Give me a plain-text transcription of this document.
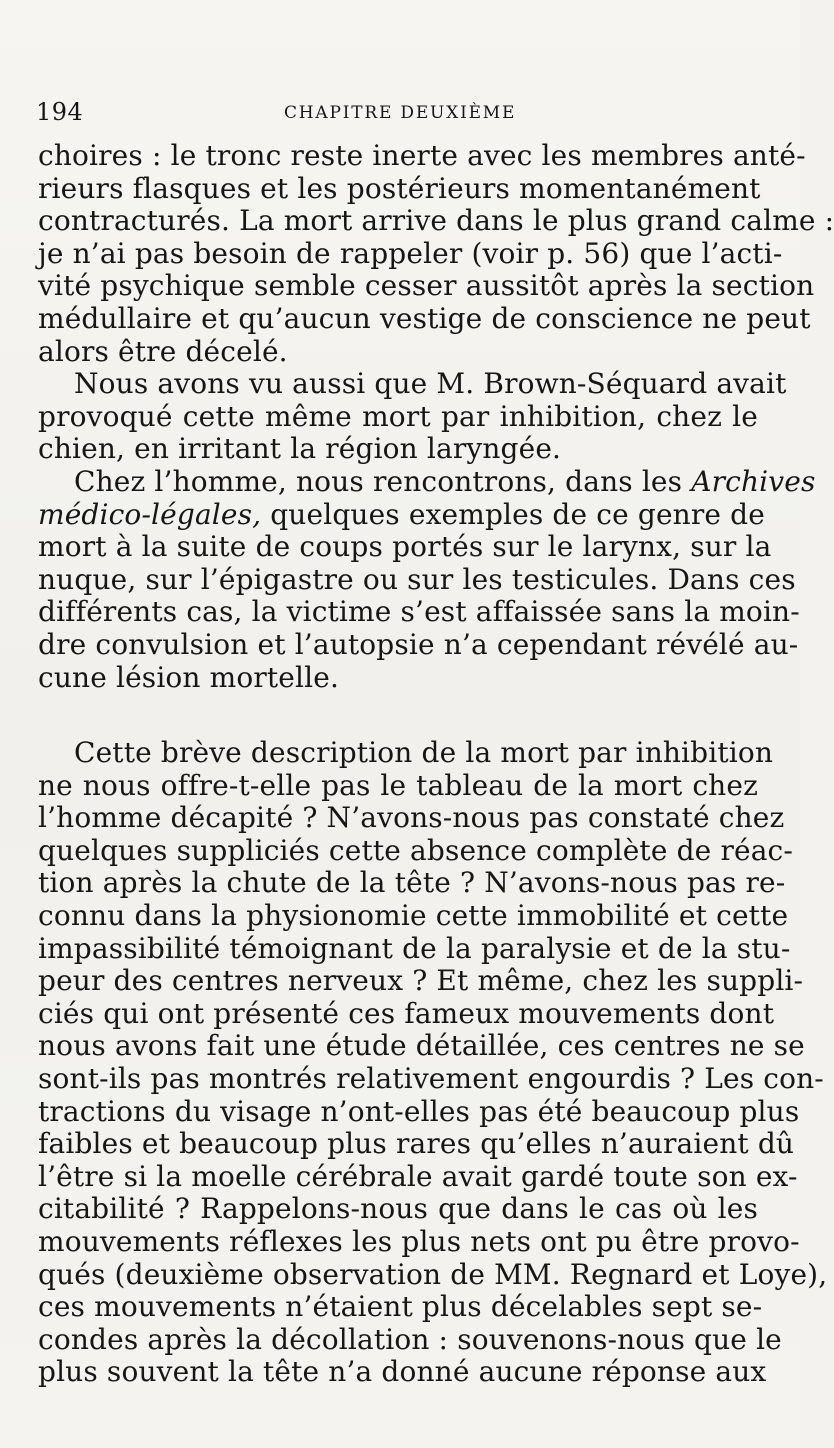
194	CHAPITRE DEUXIÈME
choires : le tronc reste inerte avec les membres anté-
rieurs flasques et les postérieurs momentanément
contracturés. La mort arrive dans le plus grand calme :
je n’ai pas besoin de rappeler (voir p. 56) que l’acti-
vité psychique semble cesser aussitôt après la section
médullaire et qu’aucun vestige de conscience ne peut
alors être décelé.
Nous avons vu aussi que M. Brown-Séquard avait
provoqué cette même mort par inhibition, chez le
chien, en irritant la région laryngée.
Chez l’homme, nous rencontrons, dans les Archives
médico-légales, quelques exemples de ce genre de
mort à la suite de coups portés sur le larynx, sur la
nuque, sur l’épigastre ou sur les testicules. Dans ces
différents cas, la victime s’est affaissée sans la moin-
dre convulsion et l’autopsie n’a cependant révélé au-
cune lésion mortelle.
Cette brève description de la mort par inhibition
ne nous offre-t-elle pas le tableau de la mort chez
l’homme décapité ? N’avons-nous pas constaté chez
quelques suppliciés cette absence complète de réac-
tion après la chute de la tête ? N’avons-nous pas re-
connu dans la physionomie cette immobilité et cette
impassibilité témoignant de la paralysie et de la stu-
peur des centres nerveux ? Et même, chez les suppli-
ciés qui ont présenté ces fameux mouvements dont
nous avons fait une étude détaillée, ces centres ne se
sont-ils pas montrés relativement engourdis ? Les con-
tractions du visage n’ont-elles pas été beaucoup plus
faibles et beaucoup plus rares qu’elles n’auraient dû
l’être si la moelle cérébrale avait gardé toute son ex-
citabilité ? Rappelons-nous que dans le cas où les
mouvements réflexes les plus nets ont pu être provo-
qués (deuxième observation de MM. Regnard et Loye),
ces mouvements n’étaient plus décelables sept se-
condes après la décollation : souvenons-nous que le
plus souvent la tête n’a donné aucune réponse aux
